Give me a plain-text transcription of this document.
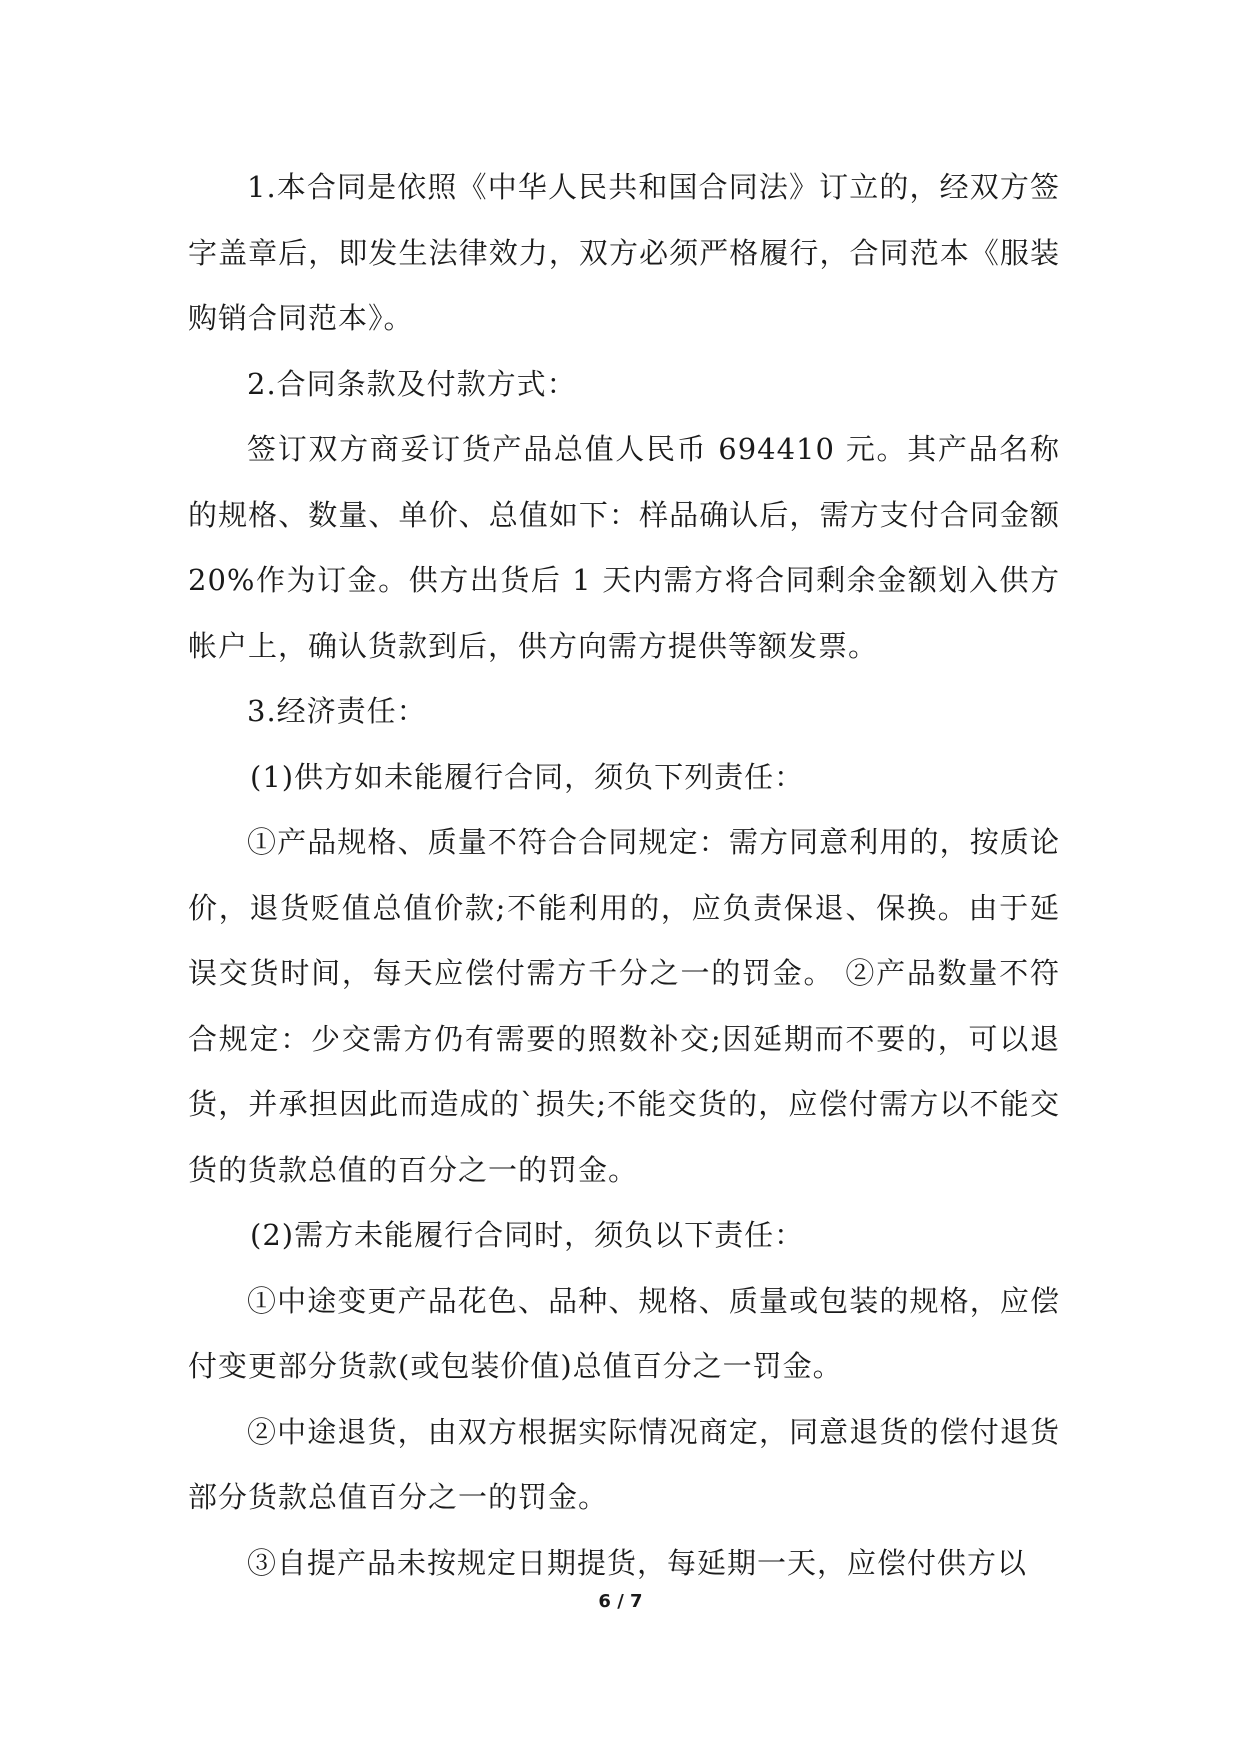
1.本合同是依照《中华人民共和国合同法》订立的，经双方签字盖章后，即发生法律效力，双方必须严格履行，合同范本《服装购销合同范本》。

2.合同条款及付款方式：

签订双方商妥订货产品总值人民币 694410 元。其产品名称的规格、数量、单价、总值如下：样品确认后，需方支付合同金额 20%作为订金。供方出货后 1 天内需方将合同剩余金额划入供方帐户上，确认货款到后，供方向需方提供等额发票。

3.经济责任：

(1)供方如未能履行合同，须负下列责任：

①产品规格、质量不符合合同规定：需方同意利用的，按质论价，退货贬值总值价款;不能利用的，应负责保退、保换。由于延误交货时间，每天应偿付需方千分之一的罚金。 ②产品数量不符合规定：少交需方仍有需要的照数补交;因延期而不要的，可以退货，并承担因此而造成的`损失;不能交货的，应偿付需方以不能交货的货款总值的百分之一的罚金。

(2)需方未能履行合同时，须负以下责任：

①中途变更产品花色、品种、规格、质量或包装的规格，应偿付变更部分货款(或包装价值)总值百分之一罚金。

②中途退货，由双方根据实际情况商定，同意退货的偿付退货部分货款总值百分之一的罚金。

③自提产品未按规定日期提货，每延期一天，应偿付供方以

6 / 7
